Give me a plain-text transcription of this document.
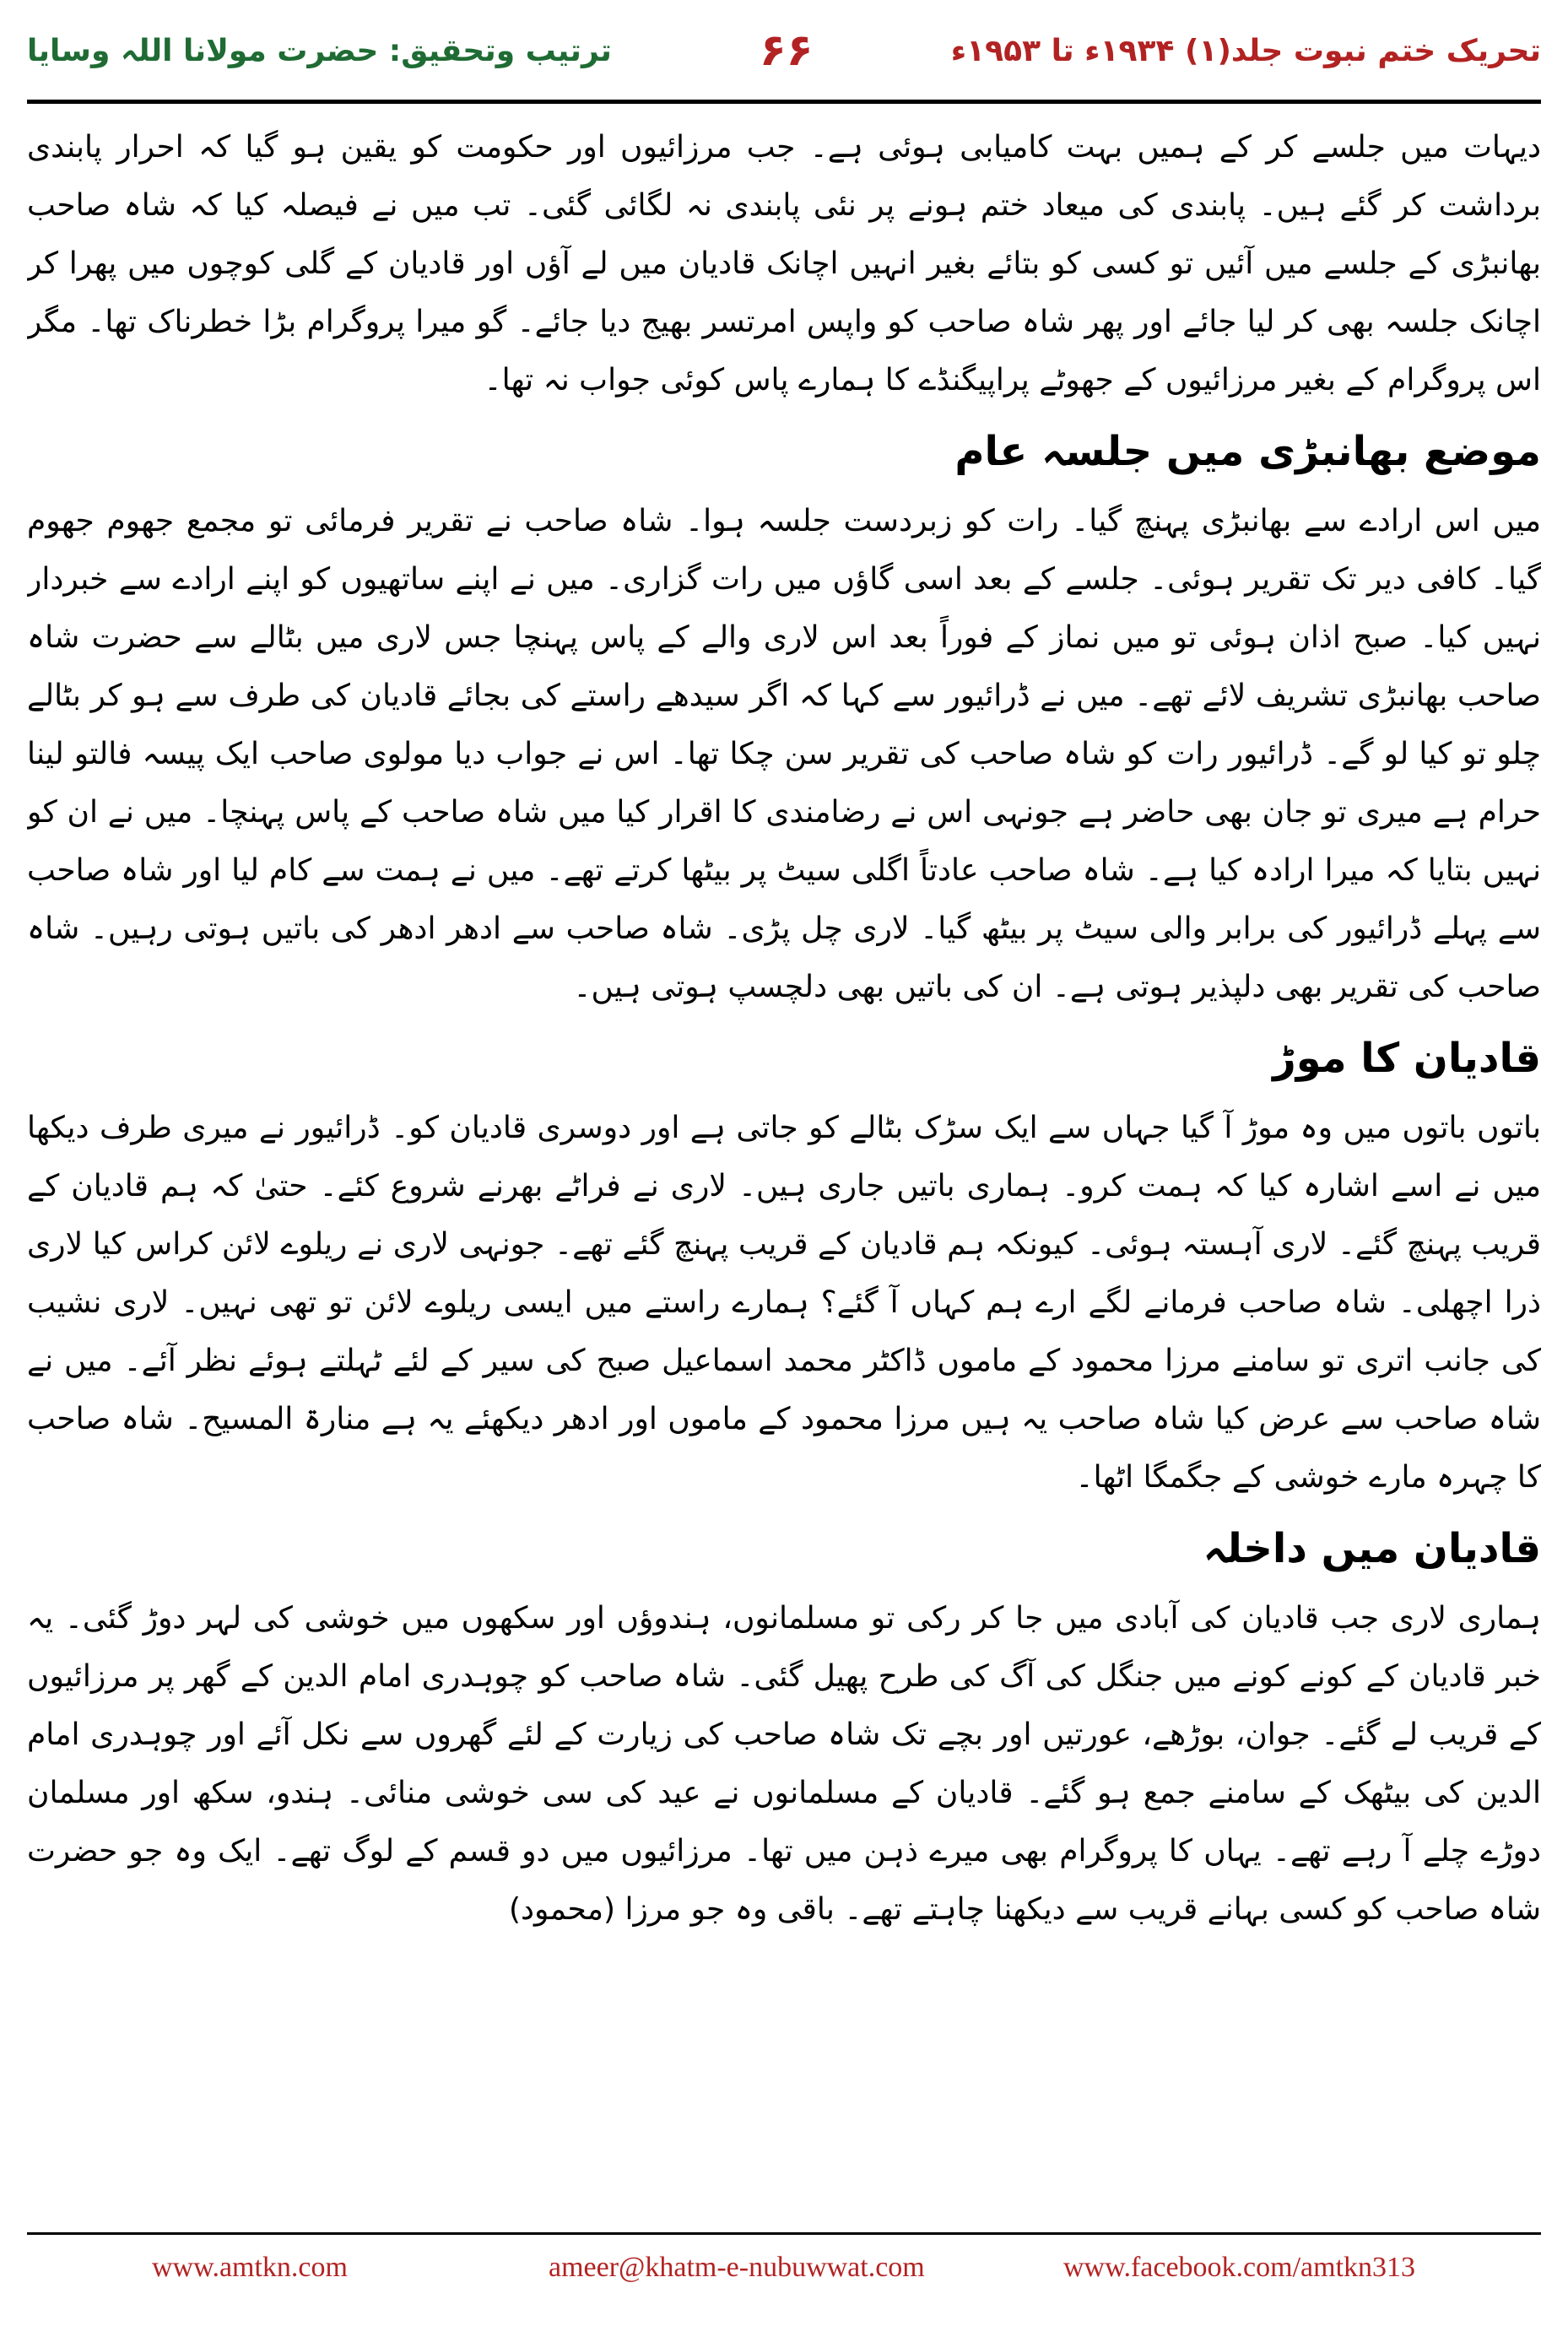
ترتیب وتحقیق: حضرت مولانا اللہ وسایا	۶۶	تحریک ختم نبوت جلد(۱) ۱۹۳۴ء تا ۱۹۵۳ء

دیہات میں جلسے کر کے ہمیں بہت کامیابی ہوئی ہے۔ جب مرزائیوں اور حکومت کو یقین ہو گیا کہ احرار پابندی برداشت کر گئے ہیں۔ پابندی کی میعاد ختم ہونے پر نئی پابندی نہ لگائی گئی۔ تب میں نے فیصلہ کیا کہ شاہ صاحب بھانبڑی کے جلسے میں آئیں تو کسی کو بتائے بغیر انہیں اچانک قادیان میں لے آؤں اور قادیان کے گلی کوچوں میں پھرا کر اچانک جلسہ بھی کر لیا جائے اور پھر شاہ صاحب کو واپس امرتسر بھیج دیا جائے۔ گو میرا پروگرام بڑا خطرناک تھا۔ مگر اس پروگرام کے بغیر مرزائیوں کے جھوٹے پراپیگنڈے کا ہمارے پاس کوئی جواب نہ تھا۔

موضع بھانبڑی میں جلسہ عام

میں اس ارادے سے بھانبڑی پہنچ گیا۔ رات کو زبردست جلسہ ہوا۔ شاہ صاحب نے تقریر فرمائی تو مجمع جھوم جھوم گیا۔ کافی دیر تک تقریر ہوئی۔ جلسے کے بعد اسی گاؤں میں رات گزاری۔ میں نے اپنے ساتھیوں کو اپنے ارادے سے خبردار نہیں کیا۔ صبح اذان ہوئی تو میں نماز کے فوراً بعد اس لاری والے کے پاس پہنچا جس لاری میں بٹالے سے حضرت شاہ صاحب بھانبڑی تشریف لائے تھے۔ میں نے ڈرائیور سے کہا کہ اگر سیدھے راستے کی بجائے قادیان کی طرف سے ہو کر بٹالے چلو تو کیا لو گے۔ ڈرائیور رات کو شاہ صاحب کی تقریر سن چکا تھا۔ اس نے جواب دیا مولوی صاحب ایک پیسہ فالتو لینا حرام ہے میری تو جان بھی حاضر ہے جونہی اس نے رضامندی کا اقرار کیا میں شاہ صاحب کے پاس پہنچا۔ میں نے ان کو نہیں بتایا کہ میرا ارادہ کیا ہے۔ شاہ صاحب عادتاً اگلی سیٹ پر بیٹھا کرتے تھے۔ میں نے ہمت سے کام لیا اور شاہ صاحب سے پہلے ڈرائیور کی برابر والی سیٹ پر بیٹھ گیا۔ لاری چل پڑی۔ شاہ صاحب سے ادھر ادھر کی باتیں ہوتی رہیں۔ شاہ صاحب کی تقریر بھی دلپذیر ہوتی ہے۔ ان کی باتیں بھی دلچسپ ہوتی ہیں۔

قادیان کا موڑ

باتوں باتوں میں وہ موڑ آ گیا جہاں سے ایک سڑک بٹالے کو جاتی ہے اور دوسری قادیان کو۔ ڈرائیور نے میری طرف دیکھا میں نے اسے اشارہ کیا کہ ہمت کرو۔ ہماری باتیں جاری ہیں۔ لاری نے فراٹے بھرنے شروع کئے۔ حتیٰ کہ ہم قادیان کے قریب پہنچ گئے۔ لاری آہستہ ہوئی۔ کیونکہ ہم قادیان کے قریب پہنچ گئے تھے۔ جونہی لاری نے ریلوے لائن کراس کیا لاری ذرا اچھلی۔ شاہ صاحب فرمانے لگے ارے ہم کہاں آ گئے؟ ہمارے راستے میں ایسی ریلوے لائن تو تھی نہیں۔ لاری نشیب کی جانب اتری تو سامنے مرزا محمود کے ماموں ڈاکٹر محمد اسماعیل صبح کی سیر کے لئے ٹہلتے ہوئے نظر آئے۔ میں نے شاہ صاحب سے عرض کیا شاہ صاحب یہ ہیں مرزا محمود کے ماموں اور ادھر دیکھئے یہ ہے منارۃ المسیح۔ شاہ صاحب کا چہرہ مارے خوشی کے جگمگا اٹھا۔

قادیان میں داخلہ

ہماری لاری جب قادیان کی آبادی میں جا کر رکی تو مسلمانوں، ہندوؤں اور سکھوں میں خوشی کی لہر دوڑ گئی۔ یہ خبر قادیان کے کونے کونے میں جنگل کی آگ کی طرح پھیل گئی۔ شاہ صاحب کو چوہدری امام الدین کے گھر پر مرزائیوں کے قریب لے گئے۔ جوان، بوڑھے، عورتیں اور بچے تک شاہ صاحب کی زیارت کے لئے گھروں سے نکل آئے اور چوہدری امام الدین کی بیٹھک کے سامنے جمع ہو گئے۔ قادیان کے مسلمانوں نے عید کی سی خوشی منائی۔ ہندو، سکھ اور مسلمان دوڑے چلے آ رہے تھے۔ یہاں کا پروگرام بھی میرے ذہن میں تھا۔ مرزائیوں میں دو قسم کے لوگ تھے۔ ایک وہ جو حضرت شاہ صاحب کو کسی بہانے قریب سے دیکھنا چاہتے تھے۔ باقی وہ جو مرزا (محمود)

www.amtkn.com	ameer@khatm-e-nubuwwat.com	www.facebook.com/amtkn313
